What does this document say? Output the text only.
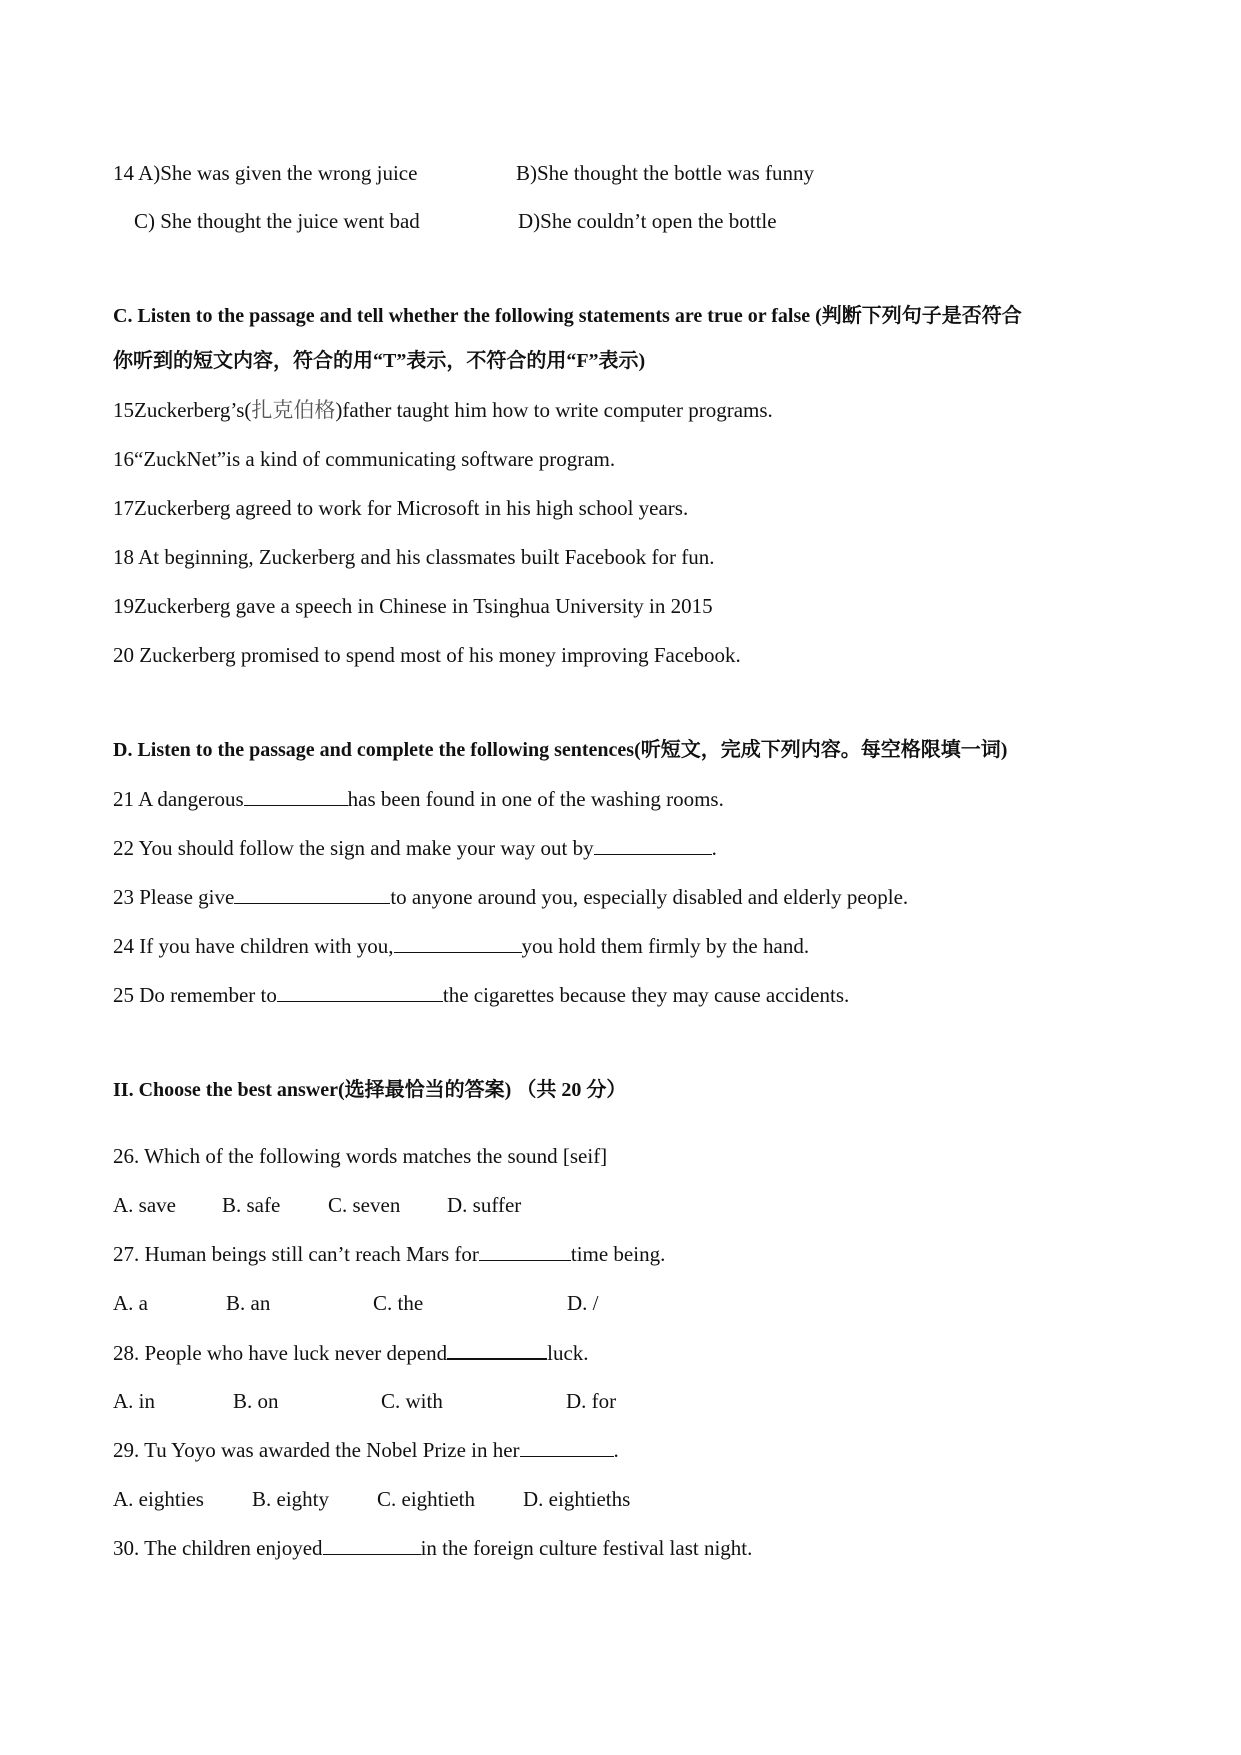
14 A)She was given the wrong juice	B)She thought the bottle was funny
C) She thought the juice went bad	D)She couldn’t open the bottle
C. Listen to the passage and tell whether the following statements are true or false (判断下列句子是否符合
你听到的短文内容，符合的用“T”表示，不符合的用“F”表示)
15Zuckerberg’s(扎克伯格)father taught him how to write computer programs.
16“ZuckNet”is a kind of communicating software program.
17Zuckerberg agreed to work for Microsoft in his high school years.
18 At beginning, Zuckerberg and his classmates built Facebook for fun.
19Zuckerberg gave a speech in Chinese in Tsinghua University in 2015
20 Zuckerberg promised to spend most of his money improving Facebook.
D. Listen to the passage and complete the following sentences(听短文，完成下列内容。每空格限填一词)
21 A dangerous	has been found in one of the washing rooms.
22 You should follow the sign and make your way out by	.
23 Please give	to anyone around you, especially disabled and elderly people.
24 If you have children with you,	you hold them firmly by the hand.
25 Do remember to	the cigarettes because they may cause accidents.
II. Choose the best answer(选择最恰当的答案) （共 20 分）
26. Which of the following words matches the sound [seif]
A. save B. safe C. seven D. suffer
27. Human beings still can’t reach Mars for	time being.
A. a	B. an	C. the	D. /
28. People who have luck never depend	luck.
A. in	B. on	C. with	D. for
29. Tu Yoyo was awarded the Nobel Prize in her	.
A. eighties B. eighty C. eightieth D. eightieths
30. The children enjoyed	in the foreign culture festival last night.
